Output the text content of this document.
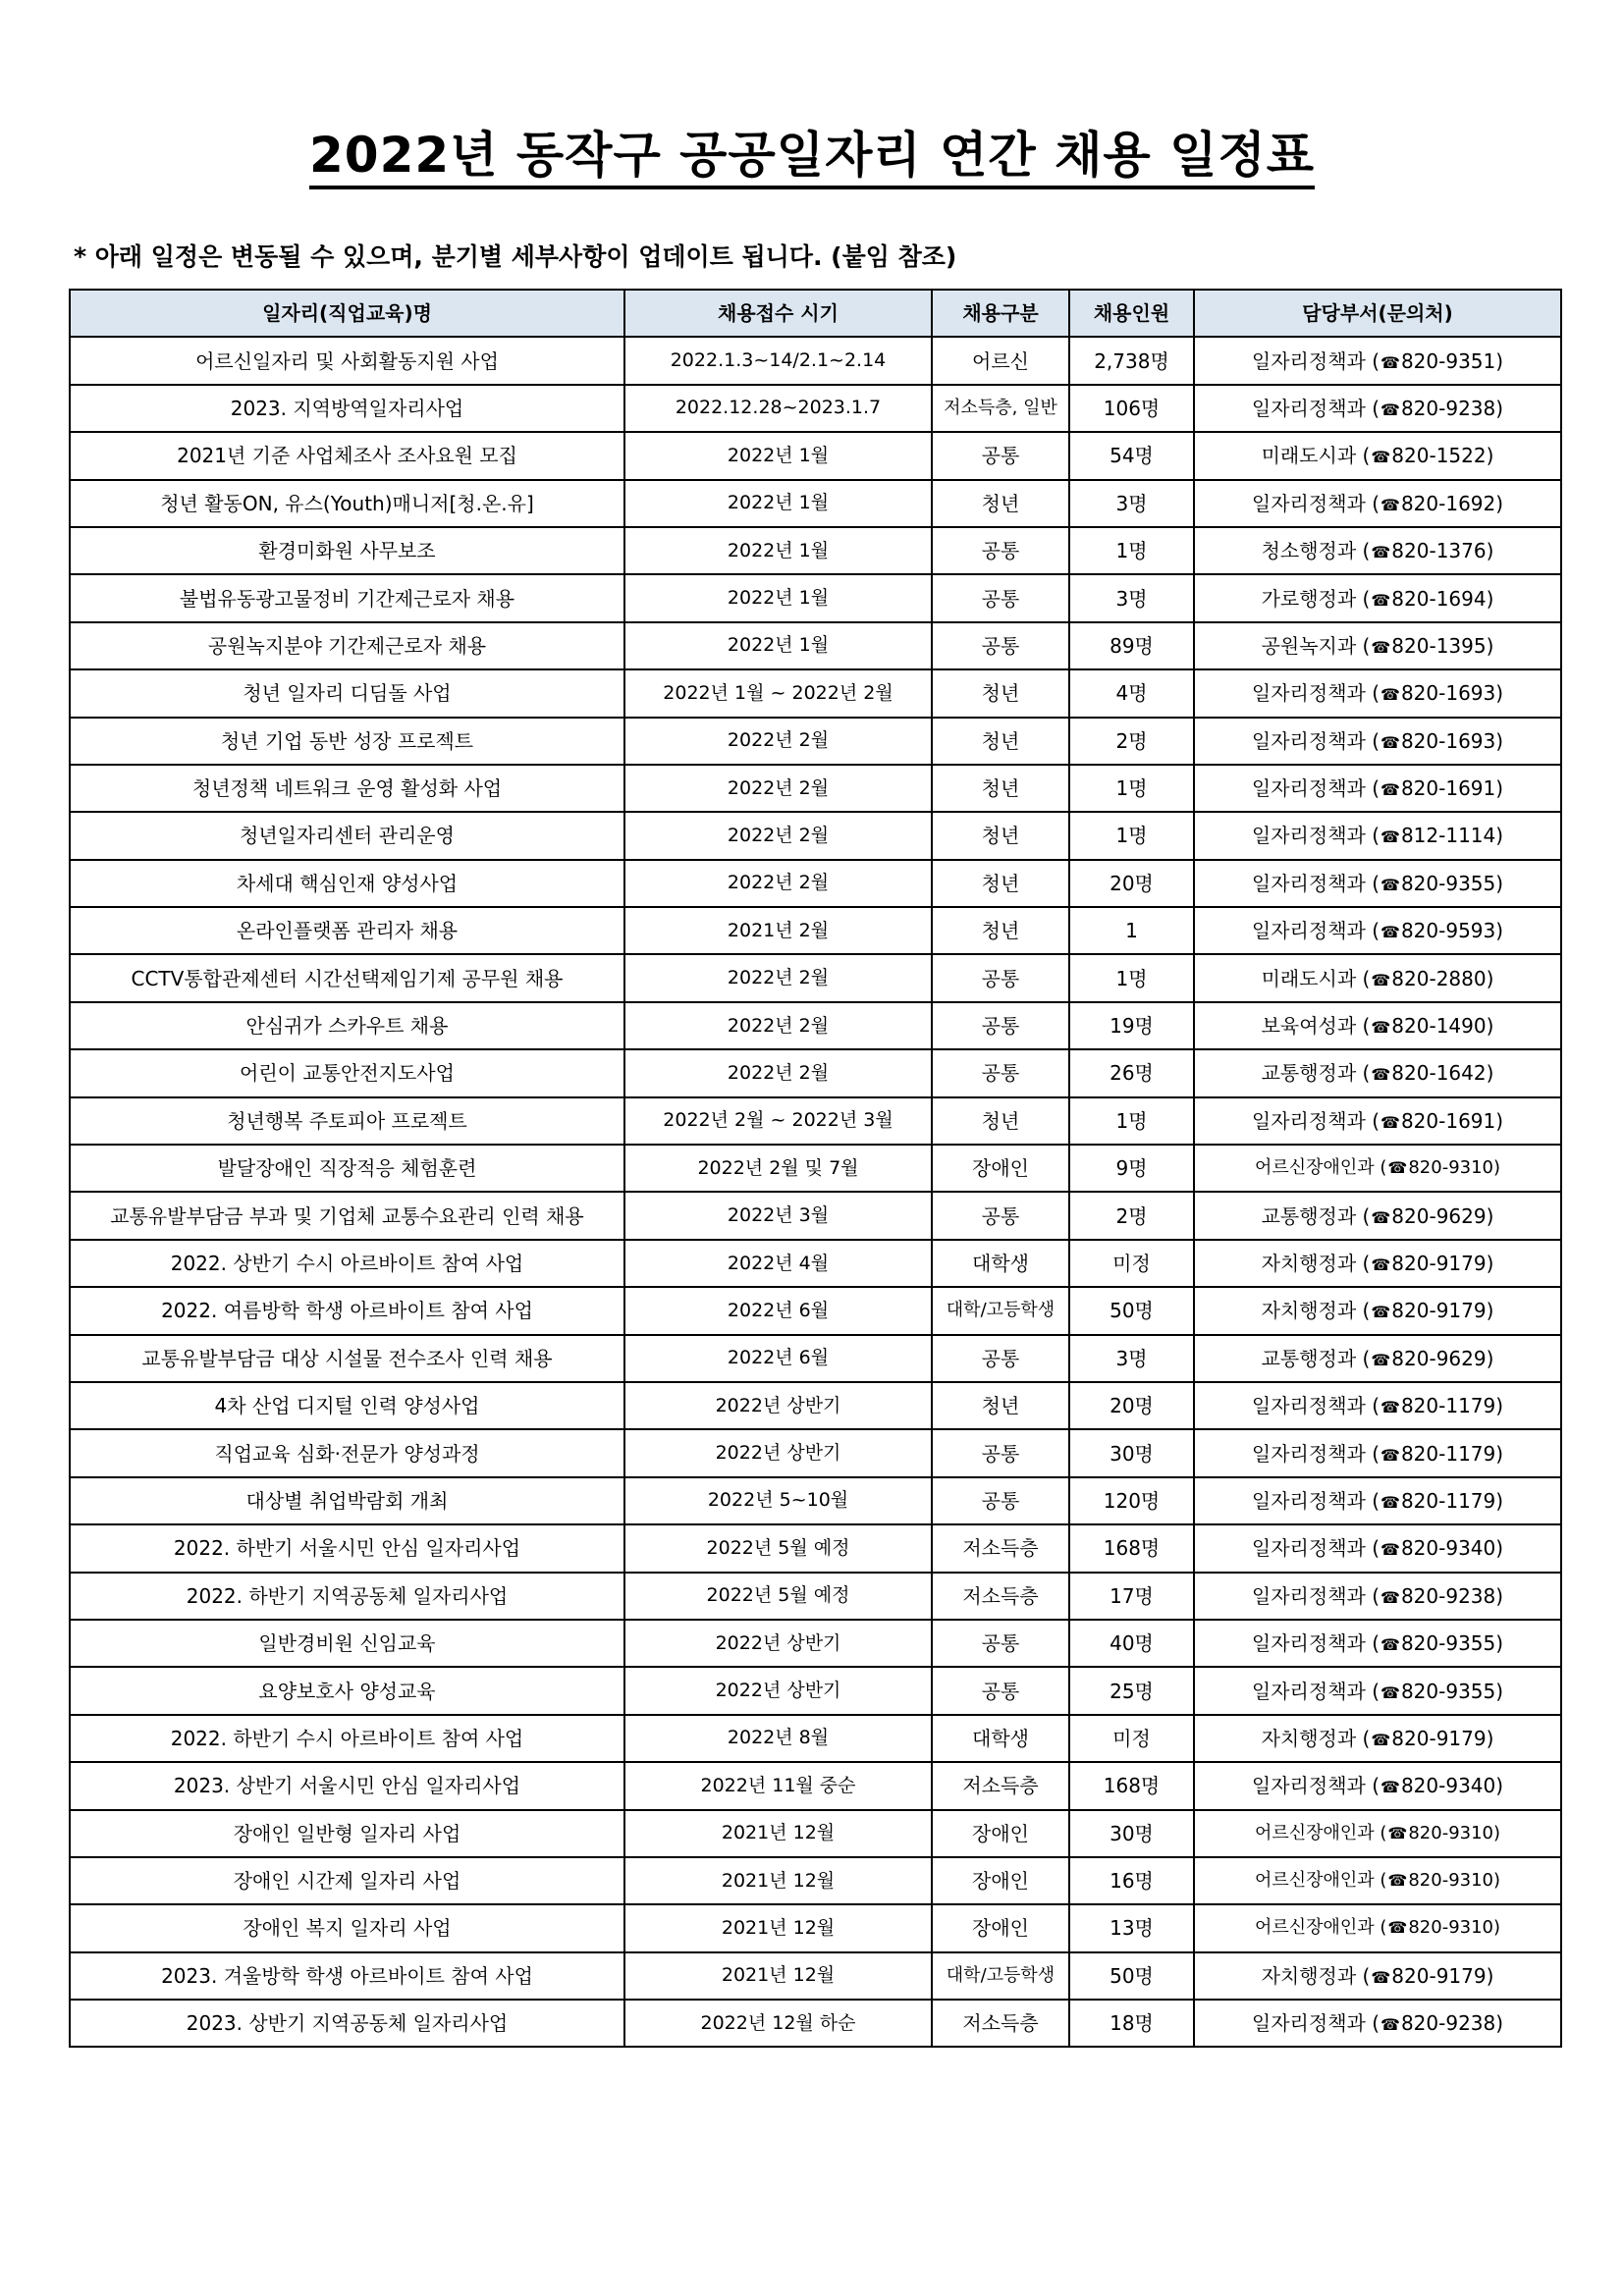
2022년 동작구 공공일자리 연간 채용 일정표
* 아래 일정은 변동될 수 있으며, 분기별 세부사항이 업데이트 됩니다. (붙임 참조)
일자리(직업교육)명	채용접수 시기	채용구분	채용인원	담당부서(문의처)
어르신일자리 및 사회활동지원 사업	2022.1.3~14/2.1~2.14	어르신	2,738명	일자리정책과 (☎820-9351)
2023. 지역방역일자리사업	2022.12.28~2023.1.7	저소득층, 일반	106명	일자리정책과 (☎820-9238)
2021년 기준 사업체조사 조사요원 모집	2022년 1월	공통	54명	미래도시과 (☎820-1522)
청년 활동ON, 유스(Youth)매니저[청.온.유]	2022년 1월	청년	3명	일자리정책과 (☎820-1692)
환경미화원 사무보조	2022년 1월	공통	1명	청소행정과 (☎820-1376)
불법유동광고물정비 기간제근로자 채용	2022년 1월	공통	3명	가로행정과 (☎820-1694)
공원녹지분야 기간제근로자 채용	2022년 1월	공통	89명	공원녹지과 (☎820-1395)
청년 일자리 디딤돌 사업	2022년 1월 ~ 2022년 2월	청년	4명	일자리정책과 (☎820-1693)
청년 기업 동반 성장 프로젝트	2022년 2월	청년	2명	일자리정책과 (☎820-1693)
청년정책 네트워크 운영 활성화 사업	2022년 2월	청년	1명	일자리정책과 (☎820-1691)
청년일자리센터 관리운영	2022년 2월	청년	1명	일자리정책과 (☎812-1114)
차세대 핵심인재 양성사업	2022년 2월	청년	20명	일자리정책과 (☎820-9355)
온라인플랫폼 관리자 채용	2021년 2월	청년	1	일자리정책과 (☎820-9593)
CCTV통합관제센터 시간선택제임기제 공무원 채용	2022년 2월	공통	1명	미래도시과 (☎820-2880)
안심귀가 스카우트 채용	2022년 2월	공통	19명	보육여성과 (☎820-1490)
어린이 교통안전지도사업	2022년 2월	공통	26명	교통행정과 (☎820-1642)
청년행복 주토피아 프로젝트	2022년 2월 ~ 2022년 3월	청년	1명	일자리정책과 (☎820-1691)
발달장애인 직장적응 체험훈련	2022년 2월 및 7월	장애인	9명	어르신장애인과 (☎820-9310)
교통유발부담금 부과 및 기업체 교통수요관리 인력 채용	2022년 3월	공통	2명	교통행정과 (☎820-9629)
2022. 상반기 수시 아르바이트 참여 사업	2022년 4월	대학생	미정	자치행정과 (☎820-9179)
2022. 여름방학 학생 아르바이트 참여 사업	2022년 6월	대학/고등학생	50명	자치행정과 (☎820-9179)
교통유발부담금 대상 시설물 전수조사 인력 채용	2022년 6월	공통	3명	교통행정과 (☎820-9629)
4차 산업 디지털 인력 양성사업	2022년 상반기	청년	20명	일자리정책과 (☎820-1179)
직업교육 심화·전문가 양성과정	2022년 상반기	공통	30명	일자리정책과 (☎820-1179)
대상별 취업박람회 개최	2022년 5~10월	공통	120명	일자리정책과 (☎820-1179)
2022. 하반기 서울시민 안심 일자리사업	2022년 5월 예정	저소득층	168명	일자리정책과 (☎820-9340)
2022. 하반기 지역공동체 일자리사업	2022년 5월 예정	저소득층	17명	일자리정책과 (☎820-9238)
일반경비원 신임교육	2022년 상반기	공통	40명	일자리정책과 (☎820-9355)
요양보호사 양성교육	2022년 상반기	공통	25명	일자리정책과 (☎820-9355)
2022. 하반기 수시 아르바이트 참여 사업	2022년 8월	대학생	미정	자치행정과 (☎820-9179)
2023. 상반기 서울시민 안심 일자리사업	2022년 11월 중순	저소득층	168명	일자리정책과 (☎820-9340)
장애인 일반형 일자리 사업	2021년 12월	장애인	30명	어르신장애인과 (☎820-9310)
장애인 시간제 일자리 사업	2021년 12월	장애인	16명	어르신장애인과 (☎820-9310)
장애인 복지 일자리 사업	2021년 12월	장애인	13명	어르신장애인과 (☎820-9310)
2023. 겨울방학 학생 아르바이트 참여 사업	2021년 12월	대학/고등학생	50명	자치행정과 (☎820-9179)
2023. 상반기 지역공동체 일자리사업	2022년 12월 하순	저소득층	18명	일자리정책과 (☎820-9238)
